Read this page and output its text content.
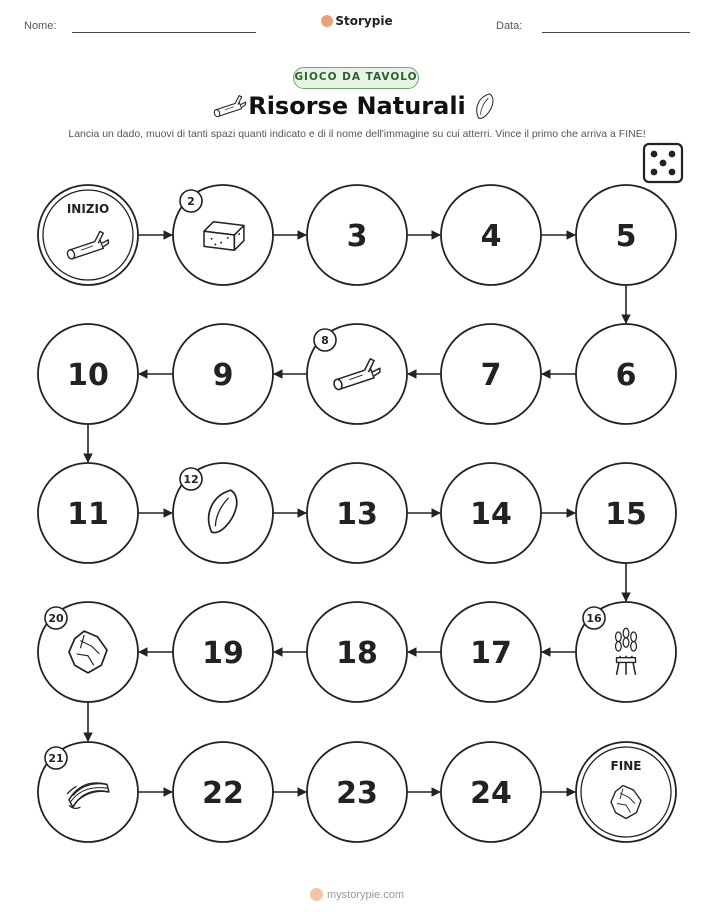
Nome:	Storypie	Data:
GIOCO DA TAVOLO
Risorse Naturali
Lancia un dado, muovi di tanti spazi quanti indicato e di il nome dell'immagine su cui atterri. Vince il primo che arriva a FINE!
INIZIO
2
3	4	5
6
7
8
9
10
11
12
13	14	15
16
17
18
19
20
21
22	23	24
FINE
mystorypie.com
